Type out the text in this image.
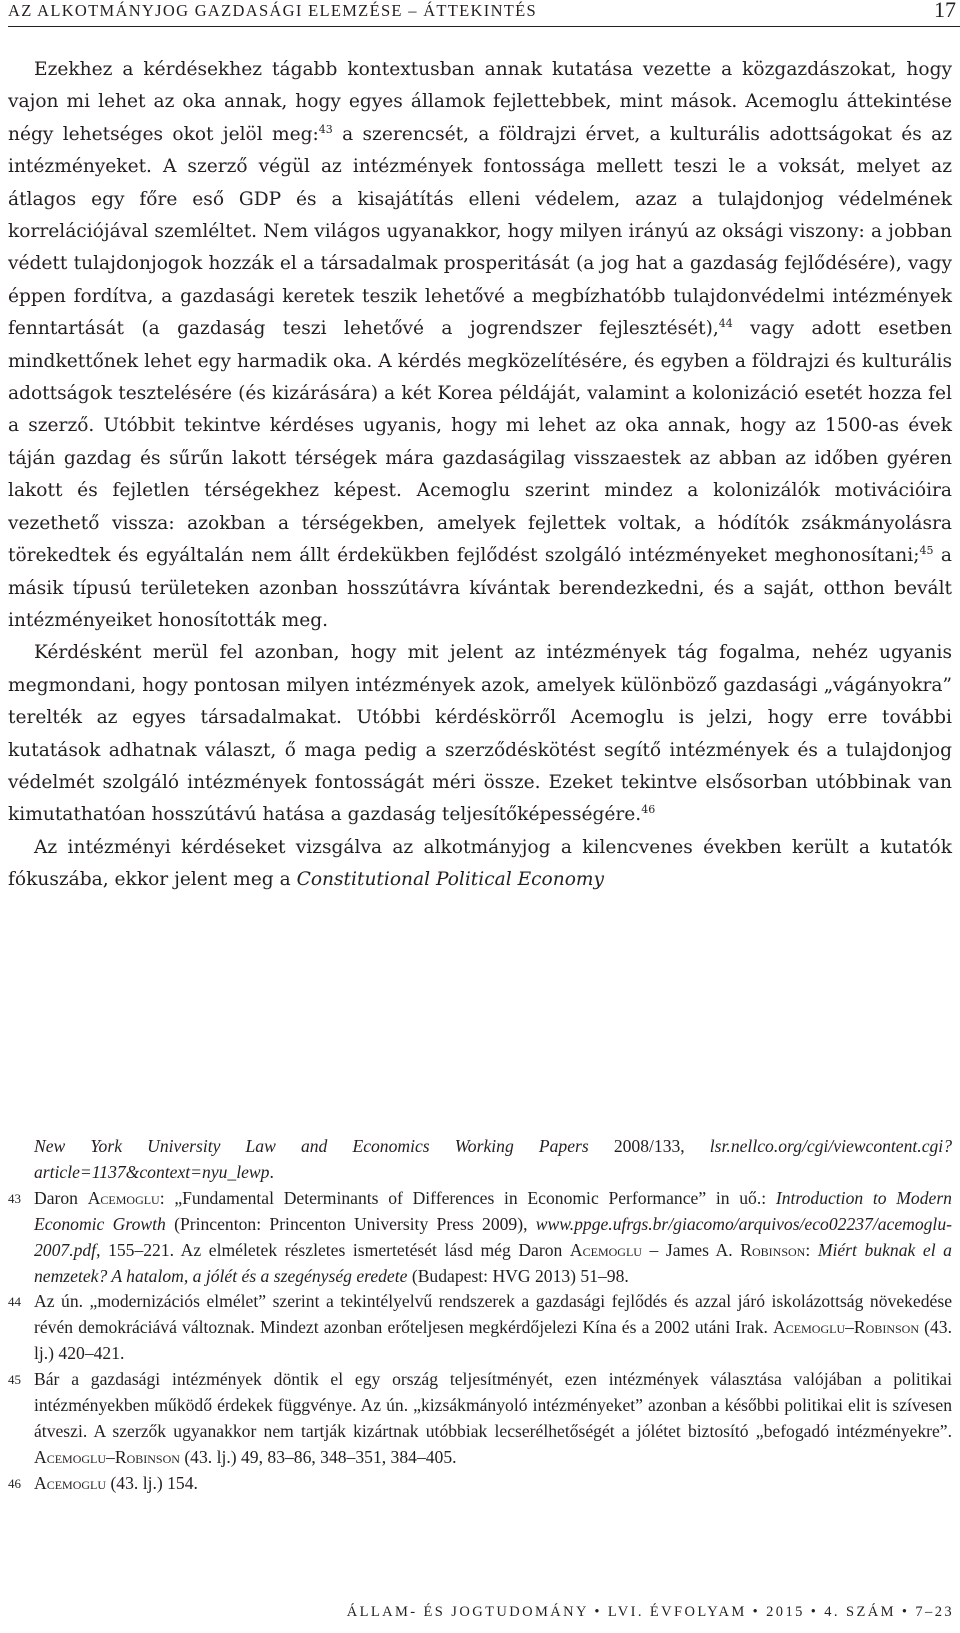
AZ ALKOTMÁNYJOG GAZDASÁGI ELEMZÉSE – ÁTTEKINTÉS	17

Ezekhez a kérdésekhez tágabb kontextusban annak kutatása vezette a közgazdászokat, hogy vajon mi lehet az oka annak, hogy egyes államok fejlettebbek, mint mások. Acemoglu áttekintése négy lehetséges okot jelöl meg:$^{43}$ a szerencsét, a földrajzi érvet, a kulturális adottságokat és az intézményeket. A szerző végül az intézmények fontossága mellett teszi le a voksát, melyet az átlagos egy főre eső GDP és a kisajátítás elleni védelem, azaz a tulajdonjog védelmének korrelációjával szemléltet. Nem világos ugyanakkor, hogy milyen irányú az oksági viszony: a jobban védett tulajdonjogok hozzák el a társadalmak prosperitását (a jog hat a gazdaság fejlődésére), vagy éppen fordítva, a gazdasági keretek teszik lehetővé a megbízhatóbb tulajdonvédelmi intézmények fenntartását (a gazdaság teszi lehetővé a jogrendszer fejlesztését),$^{44}$ vagy adott esetben mindkettőnek lehet egy harmadik oka. A kérdés megközelítésére, és egyben a földrajzi és kulturális adottságok tesztelésére (és kizárására) a két Korea példáját, valamint a kolonizáció esetét hozza fel a szerző. Utóbbit tekintve kérdéses ugyanis, hogy mi lehet az oka annak, hogy az 1500-as évek táján gazdag és sűrűn lakott térségek mára gazdaságilag visszaestek az abban az időben gyéren lakott és fejletlen térségekhez képest. Acemoglu szerint mindez a kolonizálók motivációira vezethető vissza: azokban a térségekben, amelyek fejlettek voltak, a hódítók zsákmányolásra törekedtek és egyáltalán nem állt érdekükben fejlődést szolgáló intézményeket meghonosítani;$^{45}$ a másik típusú területeken azonban hosszútávra kívántak berendezkedni, és a saját, otthon bevált intézményeiket honosították meg.

Kérdésként merül fel azonban, hogy mit jelent az intézmények tág fogalma, nehéz ugyanis megmondani, hogy pontosan milyen intézmények azok, amelyek különböző gazdasági „vágányokra” terelték az egyes társadalmakat. Utóbbi kérdéskörről Acemoglu is jelzi, hogy erre további kutatások adhatnak választ, ő maga pedig a szerződéskötést segítő intézmények és a tulajdonjog védelmét szolgáló intézmények fontosságát méri össze. Ezeket tekintve elsősorban utóbbinak van kimutathatóan hosszútávú hatása a gazdaság teljesítőképességére.$^{46}$

Az intézményi kérdéseket vizsgálva az alkotmányjog a kilencvenes években került a kutatók fókuszába, ekkor jelent meg a Constitutional Political Economy

New York University Law and Economics Working Papers 2008/133, lsr.nellco.org/cgi/viewcontent.cgi?article=1137&context=nyu_lewp.
43 Daron Acemoglu: „Fundamental Determinants of Differences in Economic Performance” in uő.: Introduction to Modern Economic Growth (Princenton: Princenton University Press 2009), www.ppge.ufrgs.br/giacomo/arquivos/eco02237/acemoglu-2007.pdf, 155–221. Az elméletek részletes ismertetését lásd még Daron Acemoglu – James A. Robinson: Miért buknak el a nemzetek? A hatalom, a jólét és a szegénység eredete (Budapest: HVG 2013) 51–98.
44 Az ún. „modernizációs elmélet” szerint a tekintélyelvű rendszerek a gazdasági fejlődés és azzal járó iskolázottság növekedése révén demokráciává változnak. Mindezt azonban erőteljesen megkérdőjelezi Kína és a 2002 utáni Irak. Acemoglu–Robinson (43. lj.) 420–421.
45 Bár a gazdasági intézmények döntik el egy ország teljesítményét, ezen intézmények választása valójában a politikai intézményekben működő érdekek függvénye. Az ún. „kizsákmányoló intézményeket” azonban a későbbi politikai elit is szívesen átveszi. A szerzők ugyanakkor nem tartják kizártnak utóbbiak lecserélhetőségét a jólétet biztosító „befogadó intézményekre”. Acemoglu–Robinson (43. lj.) 49, 83–86, 348–351, 384–405.
46 Acemoglu (43. lj.) 154.
ÁLLAM- ÉS JOGTUDOMÁNY • LVI. ÉVFOLYAM • 2015 • 4. SZÁM • 7–23
